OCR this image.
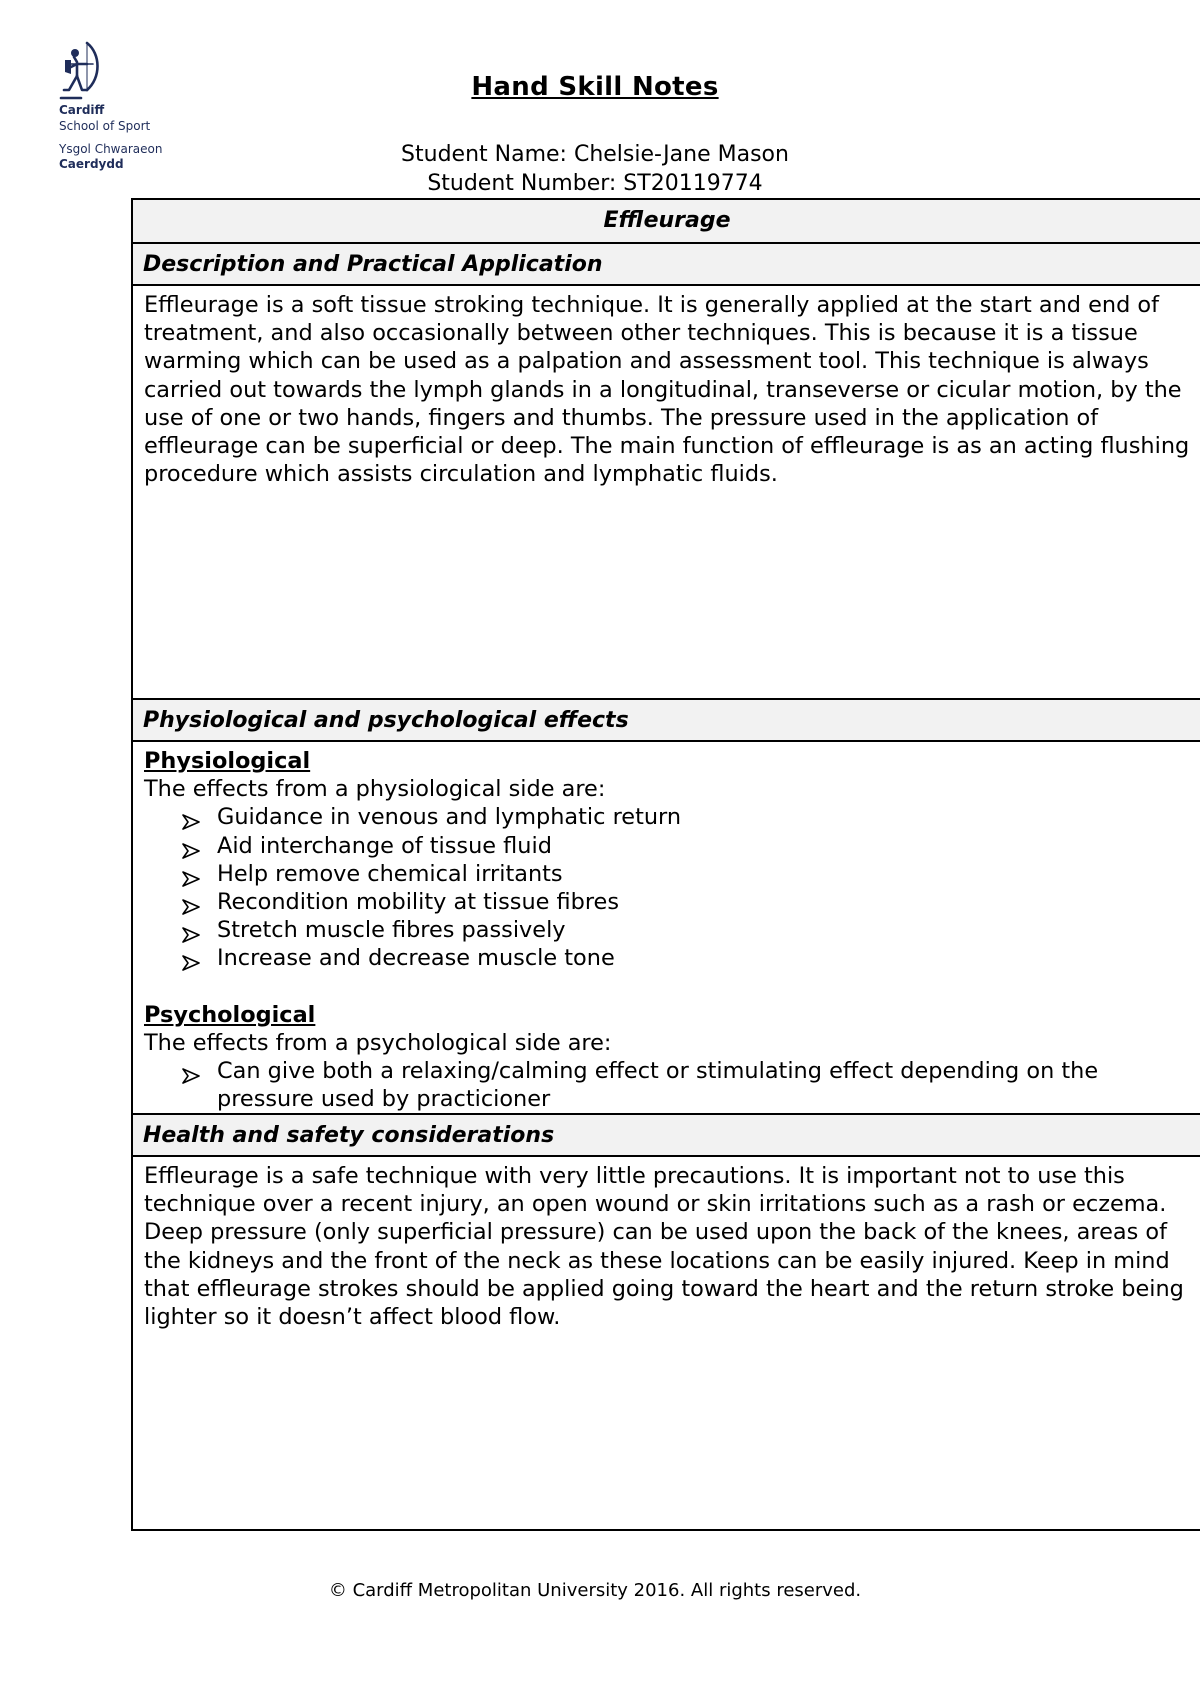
Cardiff
School of Sport
Ysgol Chwaraeon
Caerdydd
Hand Skill Notes
Student Name: Chelsie-Jane Mason
Student Number: ST20119774
Effleurage
Description and Practical Application
Effleurage is a soft tissue stroking technique. It is generally applied at the start and end of treatment, and also occasionally between other techniques. This is because it is a tissue warming which can be used as a palpation and assessment tool. This technique is always carried out towards the lymph glands in a longitudinal, transeverse or cicular motion, by the use of one or two hands, fingers and thumbs. The pressure used in the application of effleurage can be superficial or deep. The main function of effleurage is as an acting flushing procedure which assists circulation and lymphatic fluids.
Physiological and psychological effects
Physiological
The effects from a physiological side are:
Guidance in venous and lymphatic return
Aid interchange of tissue fluid
Help remove chemical irritants
Recondition mobility at tissue fibres
Stretch muscle fibres passively
Increase and decrease muscle tone
Psychological
The effects from a psychological side are:
Can give both a relaxing/calming effect or stimulating effect depending on the pressure used by practicioner
Health and safety considerations
Effleurage is a safe technique with very little precautions. It is important not to use this technique over a recent injury, an open wound or skin irritations such as a rash or eczema. Deep pressure (only superficial pressure) can be used upon the back of the knees, areas of the kidneys and the front of the neck as these locations can be easily injured. Keep in mind that effleurage strokes should be applied going toward the heart and the return stroke being lighter so it doesn’t affect blood flow.
© Cardiff Metropolitan University 2016. All rights reserved.
